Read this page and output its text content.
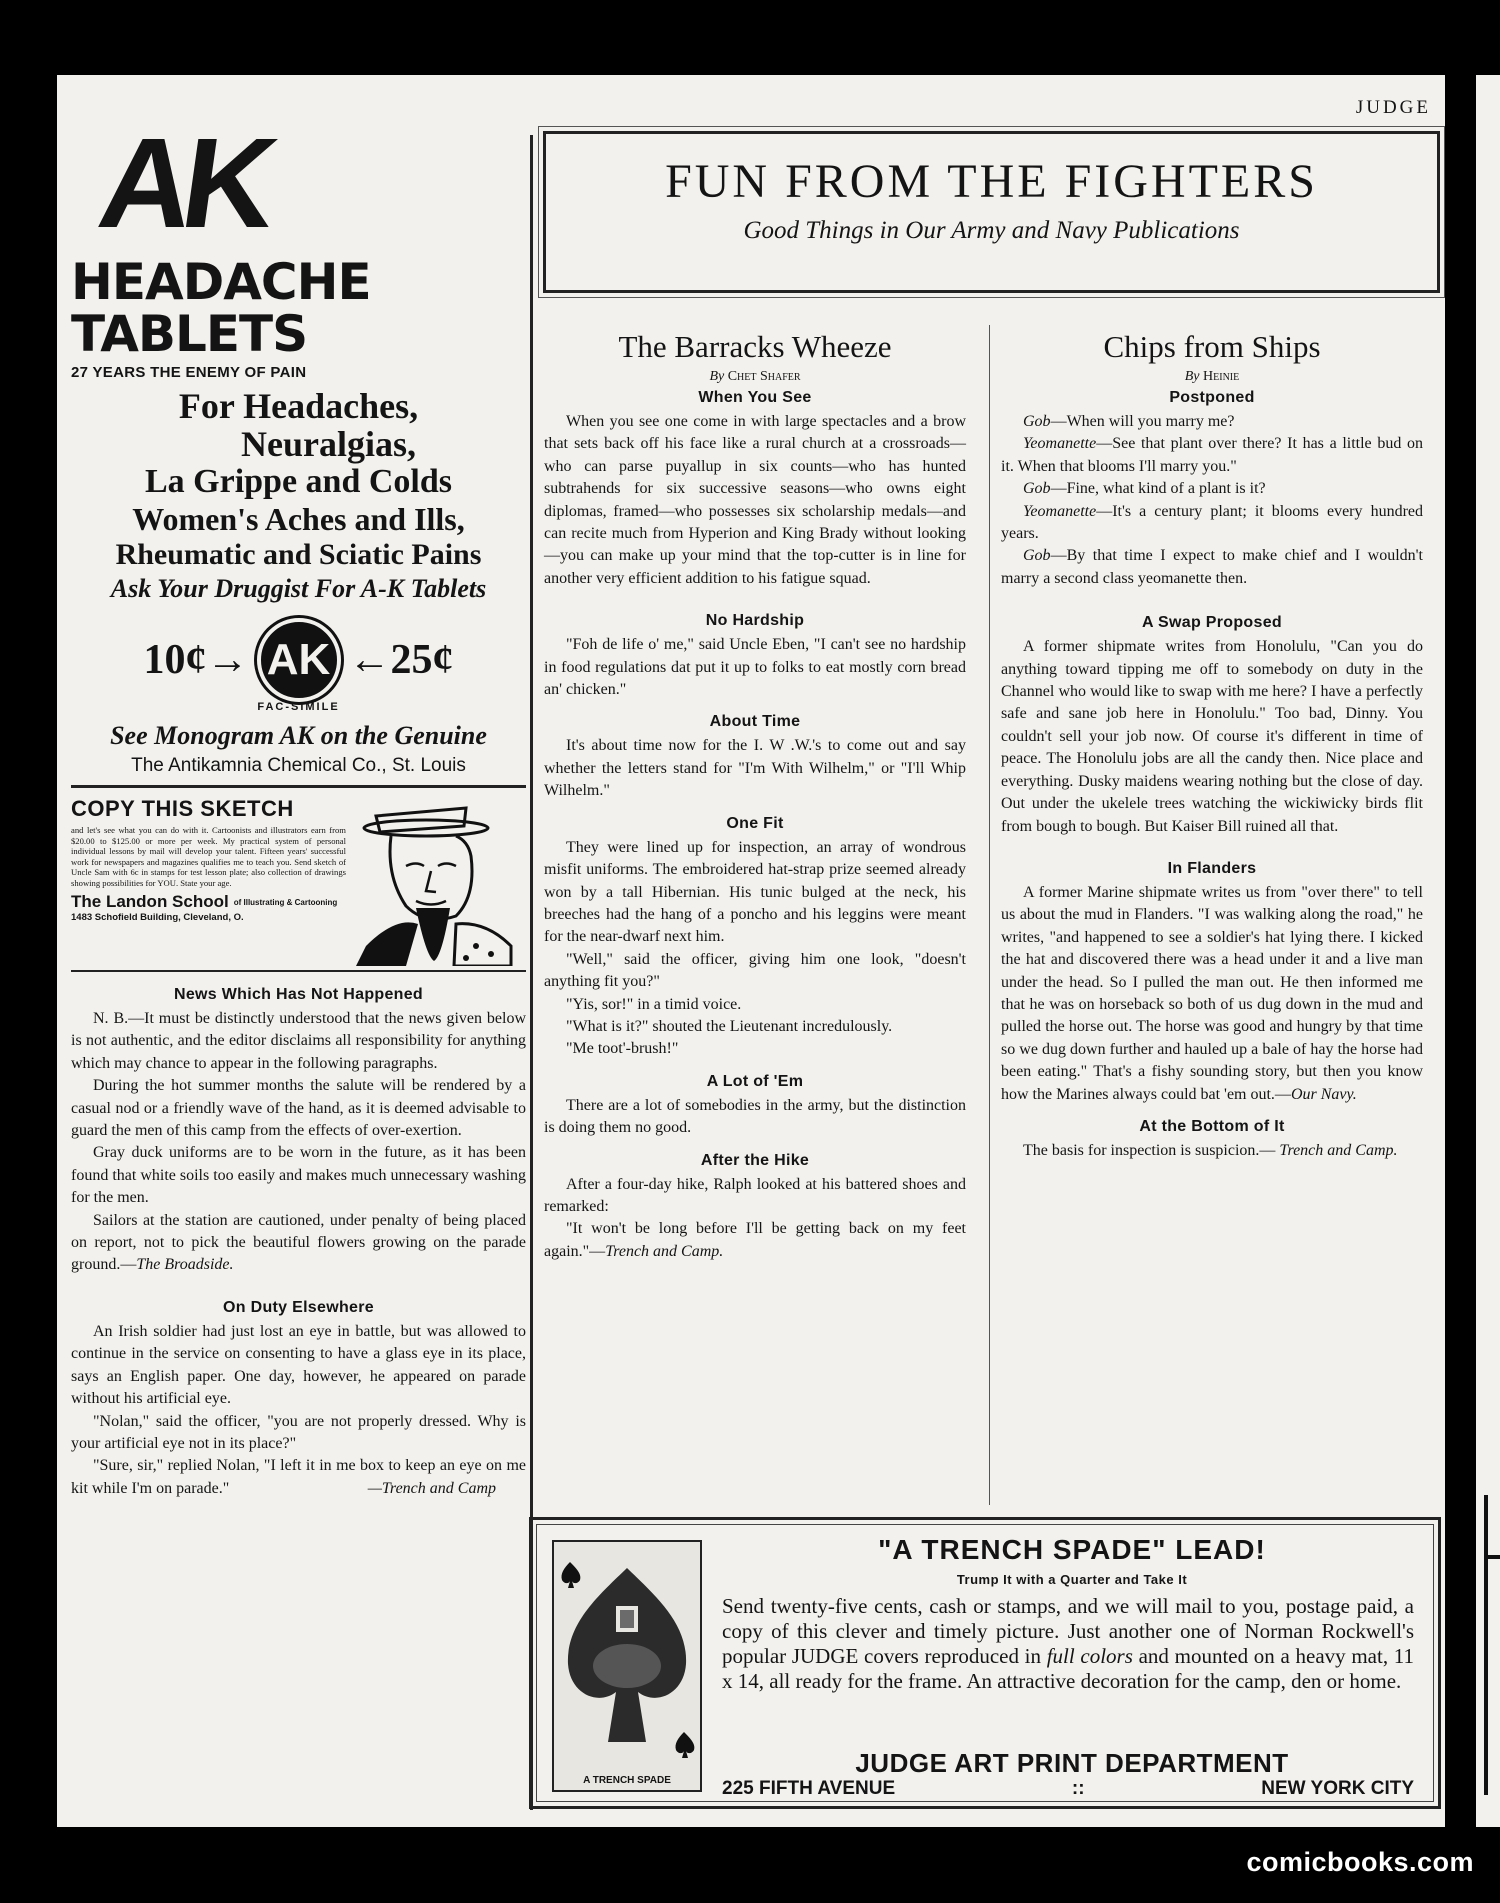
JUDGE
AK
HEADACHE
TABLETS
27 YEARS THE ENEMY OF PAIN
For Headaches,
Neuralgias,
La Grippe and Colds
Women's Aches and Ills,
Rheumatic and Sciatic Pains
Ask Your Druggist For A-K Tablets
10¢ → AK ← 25¢
FAC-SIMILE
See Monogram AK on the Genuine
The Antikamnia Chemical Co., St. Louis
COPY THIS SKETCH
and let's see what you can do with it. Cartoonists and illustrators earn from $20.00 to $125.00 or more per week. My practical system of personal individual lessons by mail will develop your talent. Fifteen years' successful work for newspapers and magazines qualifies me to teach you. Send sketch of Uncle Sam with 6c in stamps for test lesson plate; also collection of drawings showing possibilities for YOU. State your age.
The Landon School of Illustrating & Cartooning
1483 Schofield Building, Cleveland, O.
News Which Has Not Happened

N. B.—It must be distinctly understood that the news given below is not authentic, and the editor disclaims all responsibility for anything which may chance to appear in the following paragraphs.

During the hot summer months the salute will be rendered by a casual nod or a friendly wave of the hand, as it is deemed advisable to guard the men of this camp from the effects of over-exertion.

Gray duck uniforms are to be worn in the future, as it has been found that white soils too easily and makes much unnecessary washing for the men.

Sailors at the station are cautioned, under penalty of being placed on report, not to pick the beautiful flowers growing on the parade ground.—The Broadside.

On Duty Elsewhere

An Irish soldier had just lost an eye in battle, but was allowed to continue in the service on consenting to have a glass eye in its place, says an English paper. One day, however, he appeared on parade without his artificial eye.

"Nolan," said the officer, "you are not properly dressed. Why is your artificial eye not in its place?"

"Sure, sir," replied Nolan, "I left it in me box to keep an eye on me kit while I'm on parade."	—Trench and Camp

FUN FROM THE FIGHTERS
Good Things in Our Army and Navy Publications
The Barracks Wheeze
By Chet Shafer
When You See

When you see one come in with large spectacles and a brow that sets back off his face like a rural church at a crossroads—who can parse puyallup in six counts—who has hunted subtrahends for six successive seasons—who owns eight diplomas, framed—who possesses six scholarship medals—and can recite much from Hyperion and King Brady without looking—you can make up your mind that the top-cutter is in line for another very efficient addition to his fatigue squad.

No Hardship

"Foh de life o' me," said Uncle Eben, "I can't see no hardship in food regulations dat put it up to folks to eat mostly corn bread an' chicken."

About Time

It's about time now for the I. W .W.'s to come out and say whether the letters stand for "I'm With Wilhelm," or "I'll Whip Wilhelm."

One Fit

They were lined up for inspection, an array of wondrous misfit uniforms. The embroidered hat-strap prize seemed already won by a tall Hibernian. His tunic bulged at the neck, his breeches had the hang of a poncho and his leggins were meant for the near-dwarf next him.

"Well," said the officer, giving him one look, "doesn't anything fit you?"

"Yis, sor!" in a timid voice.

"What is it?" shouted the Lieutenant incredulously.

"Me toot'-brush!"

A Lot of 'Em

There are a lot of somebodies in the army, but the distinction is doing them no good.

After the Hike

After a four-day hike, Ralph looked at his battered shoes and remarked:

"It won't be long before I'll be getting back on my feet again."—Trench and Camp.

Chips from Ships
By Heinie
Postponed

Gob—When will you marry me?

Yeomanette—See that plant over there? It has a little bud on it. When that blooms I'll marry you."

Gob—Fine, what kind of a plant is it?

Yeomanette—It's a century plant; it blooms every hundred years.

Gob—By that time I expect to make chief and I wouldn't marry a second class yeomanette then.

A Swap Proposed

A former shipmate writes from Honolulu, "Can you do anything toward tipping me off to somebody on duty in the Channel who would like to swap with me here? I have a perfectly safe and sane job here in Honolulu." Too bad, Dinny. You couldn't sell your job now. Of course it's different in time of peace. The Honolulu jobs are all the candy then. Nice place and everything. Dusky maidens wearing nothing but the close of day. Out under the ukelele trees watching the wickiwicky birds flit from bough to bough. But Kaiser Bill ruined all that.

In Flanders

A former Marine shipmate writes us from "over there" to tell us about the mud in Flanders. "I was walking along the road," he writes, "and happened to see a soldier's hat lying there. I kicked the hat and discovered there was a head under it and a live man under the head. So I pulled the man out. He then informed me that he was on horseback so both of us dug down in the mud and pulled the horse out. The horse was good and hungry by that time so we dug down further and hauled up a bale of hay the horse had been eating." That's a fishy sounding story, but then you know how the Marines always could bat 'em out.—Our Navy.

At the Bottom of It

The basis for inspection is suspicion.— Trench and Camp.

A TRENCH SPADE
"A TRENCH SPADE" LEAD!
Trump It with a Quarter and Take It
Send twenty-five cents, cash or stamps, and we will mail to you, postage paid, a copy of this clever and timely picture. Just another one of Norman Rockwell's popular JUDGE covers reproduced in full colors and mounted on a heavy mat, 11 x 14, all ready for the frame. An attractive decoration for the camp, den or home.
JUDGE ART PRINT DEPARTMENT
225 FIFTH AVENUE	::	NEW YORK CITY
comicbooks.com
